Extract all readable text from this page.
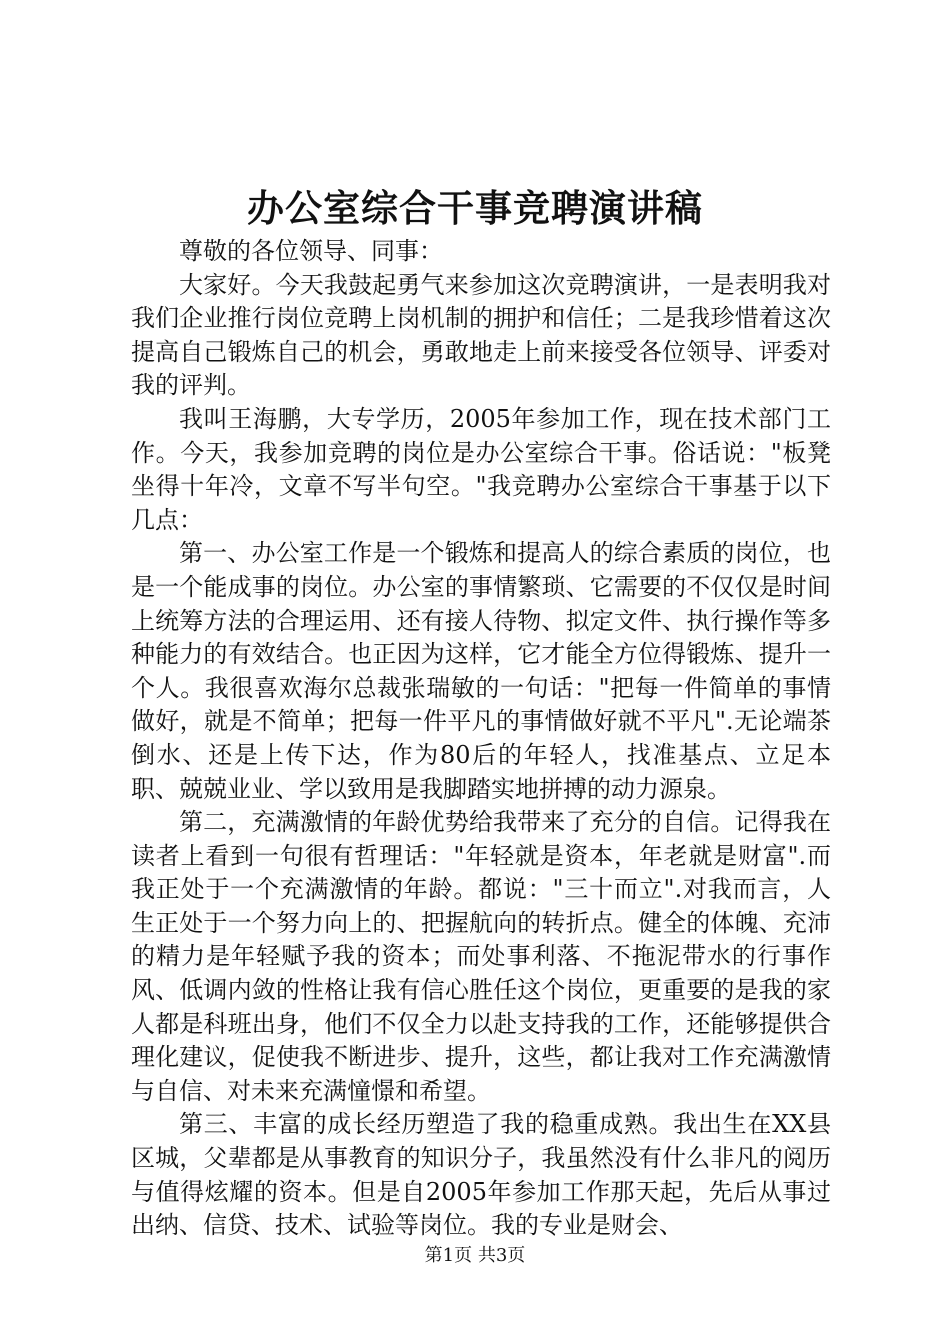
办公室综合干事竞聘演讲稿

尊敬的各位领导、同事：

大家好。今天我鼓起勇气来参加这次竞聘演讲，一是表明我对我们企业推行岗位竞聘上岗机制的拥护和信任；二是我珍惜着这次提高自己锻炼自己的机会，勇敢地走上前来接受各位领导、评委对我的评判。

我叫王海鹏，大专学历，2005年参加工作，现在技术部门工作。今天，我参加竞聘的岗位是办公室综合干事。俗话说："板凳坐得十年冷，文章不写半句空。"我竞聘办公室综合干事基于以下几点：

第一、办公室工作是一个锻炼和提高人的综合素质的岗位，也是一个能成事的岗位。办公室的事情繁琐、它需要的不仅仅是时间上统筹方法的合理运用、还有接人待物、拟定文件、执行操作等多种能力的有效结合。也正因为这样，它才能全方位得锻炼、提升一个人。我很喜欢海尔总裁张瑞敏的一句话："把每一件简单的事情做好，就是不简单；把每一件平凡的事情做好就不平凡".无论端茶倒水、还是上传下达，作为80后的年轻人，找准基点、立足本职、兢兢业业、学以致用是我脚踏实地拼搏的动力源泉。

第二，充满激情的年龄优势给我带来了充分的自信。记得我在读者上看到一句很有哲理话："年轻就是资本，年老就是财富".而我正处于一个充满激情的年龄。都说："三十而立".对我而言，人生正处于一个努力向上的、把握航向的转折点。健全的体魄、充沛的精力是年轻赋予我的资本；而处事利落、不拖泥带水的行事作风、低调内敛的性格让我有信心胜任这个岗位，更重要的是我的家人都是科班出身，他们不仅全力以赴支持我的工作，还能够提供合理化建议，促使我不断进步、提升，这些，都让我对工作充满激情与自信、对未来充满憧憬和希望。

第三、丰富的成长经历塑造了我的稳重成熟。我出生在XX县区城，父辈都是从事教育的知识分子，我虽然没有什么非凡的阅历与值得炫耀的资本。但是自2005年参加工作那天起，先后从事过出纳、信贷、技术、试验等岗位。我的专业是财会、

第1页 共3页
